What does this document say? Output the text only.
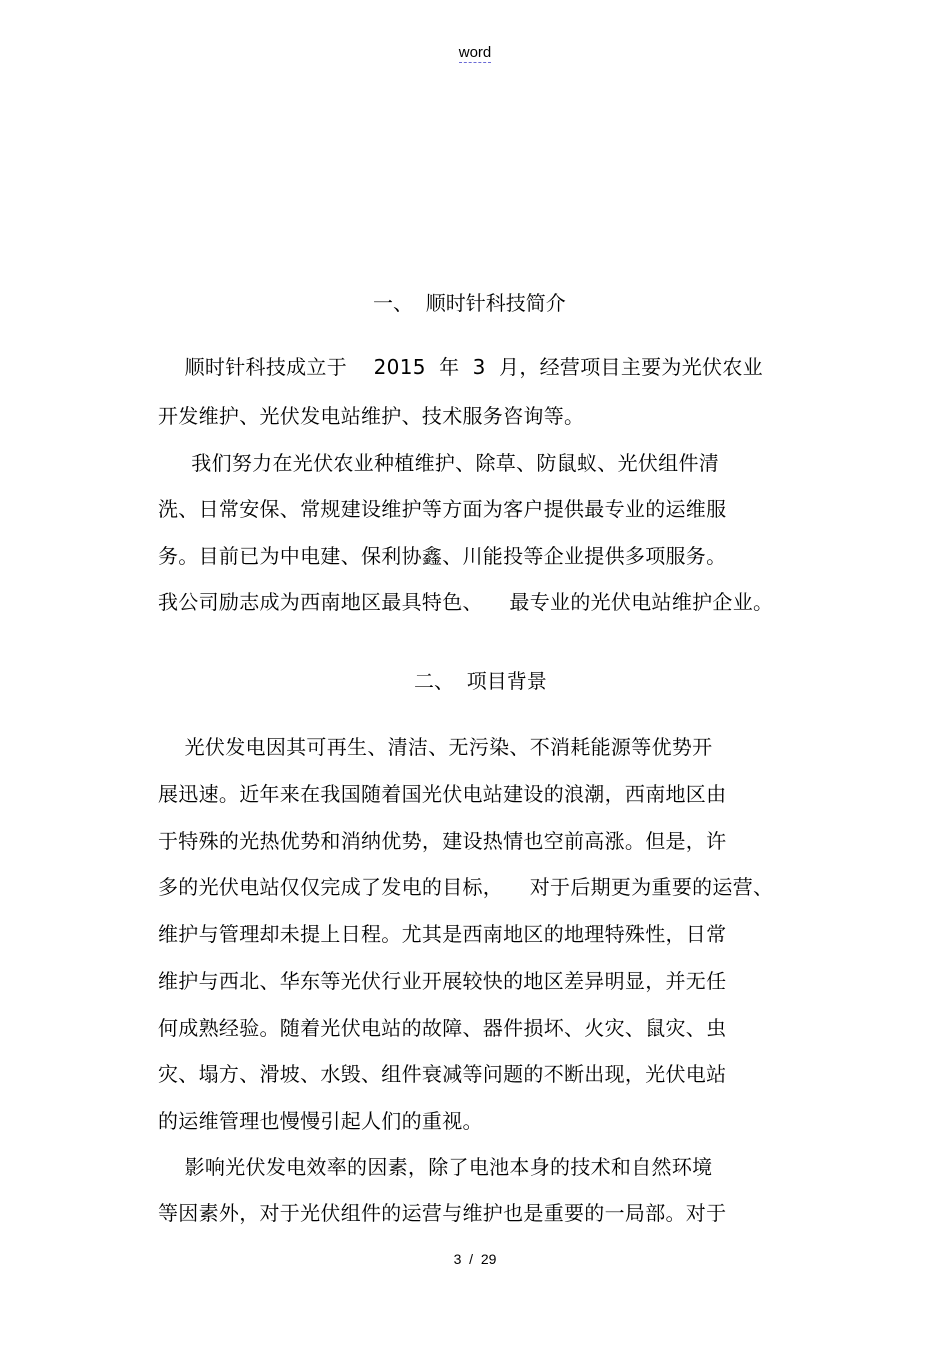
word
一、  顺时针科技简介
顺时针科技成立于    2015  年  3  月，经营项目主要为光伏农业
开发维护、光伏发电站维护、技术服务咨询等。
我们努力在光伏农业种植维护、除草、防鼠蚁、光伏组件清
洗、日常安保、常规建设维护等方面为客户提供最专业的运维服
务。目前已为中电建、保利协鑫、川能投等企业提供多项服务。
我公司励志成为西南地区最具特色、    最专业的光伏电站维护企业。
二、  项目背景
光伏发电因其可再生、清洁、无污染、不消耗能源等优势开
展迅速。近年来在我国随着国光伏电站建设的浪潮，西南地区由
于特殊的光热优势和消纳优势，建设热情也空前高涨。但是，许
多的光伏电站仅仅完成了发电的目标，    对于后期更为重要的运营、
维护与管理却未提上日程。尤其是西南地区的地理特殊性，日常
维护与西北、华东等光伏行业开展较快的地区差异明显，并无任
何成熟经验。随着光伏电站的故障、器件损坏、火灾、鼠灾、虫
灾、塌方、滑坡、水毁、组件衰减等问题的不断出现，光伏电站
的运维管理也慢慢引起人们的重视。
影响光伏发电效率的因素，除了电池本身的技术和自然环境
等因素外，对于光伏组件的运营与维护也是重要的一局部。对于
3  /  29
